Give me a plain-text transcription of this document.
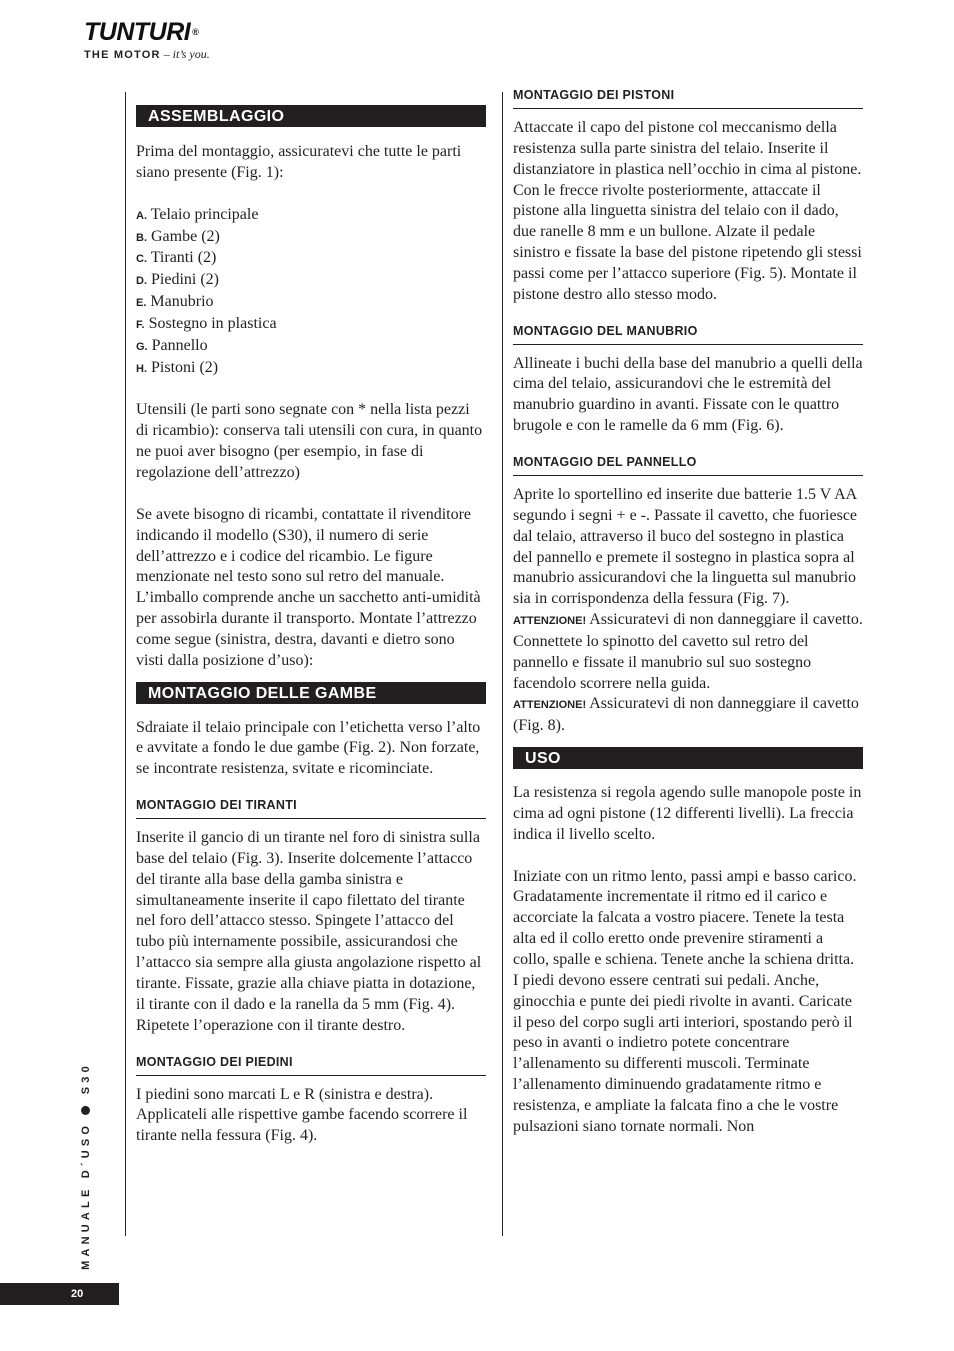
TUNTURI ®
THE MOTOR – it’s you.
ASSEMBLAGGIO

Prima del montaggio, assicuratevi che tutte le parti siano presente (Fig. 1):

A. Telaio principale
B. Gambe (2)
C. Tiranti (2)
D. Piedini (2)
E. Manubrio
F. Sostegno in plastica
G. Pannello
H. Pistoni (2)

Utensili (le parti sono segnate con * nella lista pezzi di ricambio): conserva tali utensili con cura, in quanto ne puoi aver bisogno (per esempio, in fase di regolazione dell’attrezzo)

Se avete bisogno di ricambi, contattate il rivenditore indicando il modello (S30), il numero di serie dell’attrezzo e i codice del ricambio. Le figure menzionate nel testo sono sul retro del manuale. L’imballo comprende anche un sacchetto anti-umidità per assobirla durante il transporto. Montate l’attrezzo come segue (sinistra, destra, davanti e dietro sono visti dalla posizione d’uso):

MONTAGGIO DELLE GAMBE

Sdraiate il telaio principale con l’etichetta verso l’alto e avvitate a fondo le due gambe (Fig. 2). Non forzate, se incontrate resistenza, svitate e ricominciate.

MONTAGGIO DEI TIRANTI

Inserite il gancio di un tirante nel foro di sinistra sulla base del telaio (Fig. 3). Inserite dolcemente l’attacco del tirante alla base della gamba sinistra e simultaneamente inserite il capo filettato del tirante nel foro dell’attacco stesso. Spingete l’attacco del tubo più internamente possibile, assicurandosi che l’attacco sia sempre alla giusta angolazione rispetto al tirante. Fissate, grazie alla chiave piatta in dotazione, il tirante con il dado e la ranella da 5 mm (Fig. 4). Ripetete l’operazione con il tirante destro.

MONTAGGIO DEI PIEDINI

I piedini sono marcati L e R (sinistra e destra). Applicateli alle rispettive gambe facendo scorrere il tirante nella fessura (Fig. 4).

MONTAGGIO DEI PISTONI

Attaccate il capo del pistone col meccanismo della resistenza sulla parte sinistra del telaio. Inserite il distanziatore in plastica nell’occhio in cima al pistone. Con le frecce rivolte posteriormente, attaccate il pistone alla linguetta sinistra del telaio con il dado, due ranelle 8 mm e un bullone. Alzate il pedale sinistro e fissate la base del pistone ripetendo gli stessi passi come per l’attacco superiore (Fig. 5). Montate il pistone destro allo stesso modo.

MONTAGGIO DEL MANUBRIO

Allineate i buchi della base del manubrio a quelli della cima del telaio, assicurandovi che le estremità del manubrio guardino in avanti. Fissate con le quattro brugole e con le ramelle da 6 mm (Fig. 6).

MONTAGGIO DEL PANNELLO

Aprite lo sportellino ed inserite due batterie 1.5 V AA segundo i segni + e -. Passate il cavetto, che fuoriesce dal telaio, attraverso il buco del sostegno in plastica del pannello e premete il sostegno in plastica sopra al manubrio assicurandovi che la linguetta sul manubrio sia in corrispondenza della fessura (Fig. 7).

ATTENZIONE! Assicuratevi di non danneggiare il cavetto. Connettete lo spinotto del cavetto sul retro del pannello e fissate il manubrio sul suo sostegno facendolo scorrere nella guida.

ATTENZIONE! Assicuratevi di non danneggiare il cavetto (Fig. 8).

USO

La resistenza si regola agendo sulle manopole poste in cima ad ogni pistone (12 differenti livelli). La freccia indica il livello scelto.

Iniziate con un ritmo lento, passi ampi e basso carico. Gradatamente incrementate il ritmo ed il carico e accorciate la falcata a vostro piacere. Tenete la testa alta ed il collo eretto onde prevenire stiramenti a collo, spalle e schiena. Tenete anche la schiena dritta. I piedi devono essere centrati sui pedali. Anche, ginocchia e punte dei piedi rivolte in avanti. Caricate il peso del corpo sugli arti interiori, spostando però il peso in avanti o indietro potete concentrare l’allenamento su differenti muscoli. Terminate l’allenamento diminuendo gradatamente ritmo e resistenza, e ampliate la falcata fino a che le vostre pulsazioni siano tornate normali. Non

MANUALE D´USO  S30
20
